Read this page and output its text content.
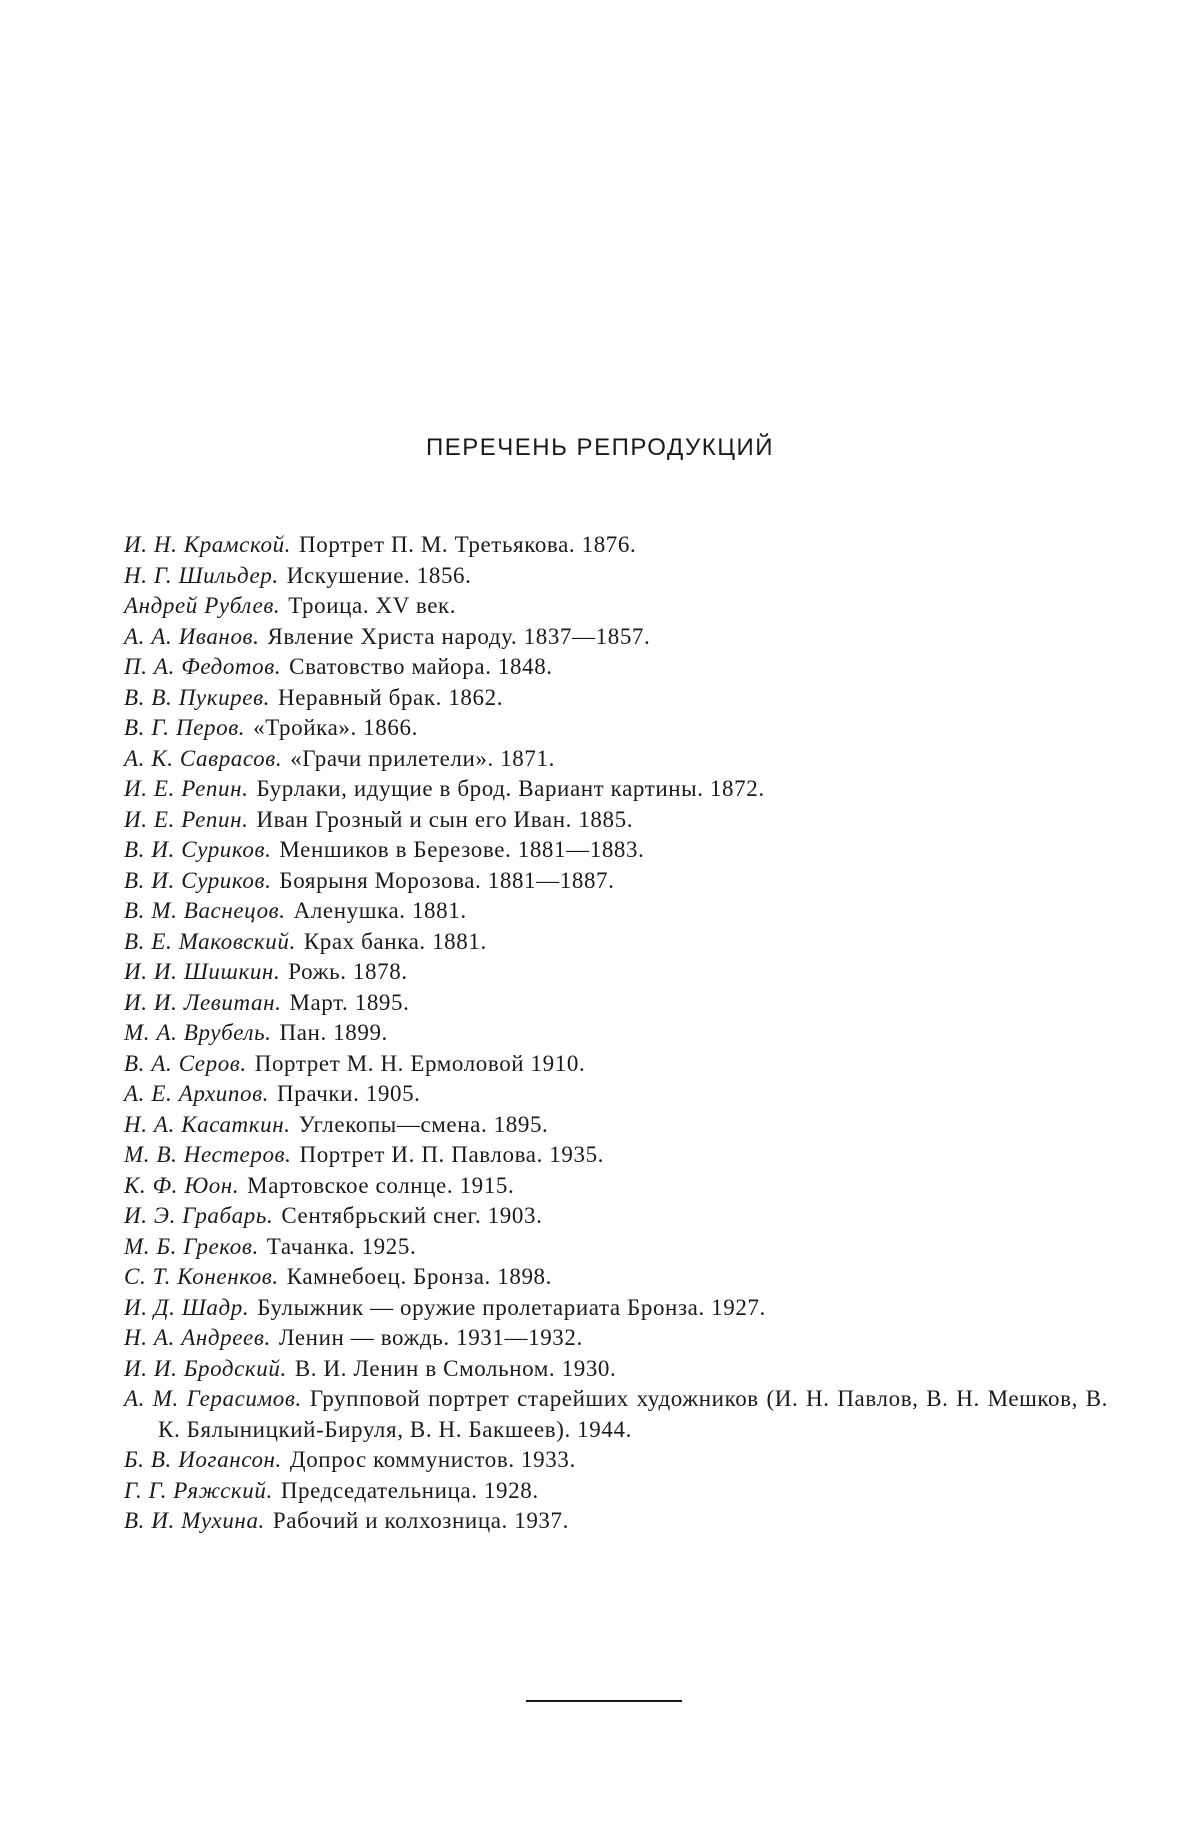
ПЕРЕЧЕНЬ РЕПРОДУКЦИЙ
И. Н. Крамской. Портрет П. М. Третьякова. 1876.
Н. Г. Шильдер. Искушение. 1856.
Андрей Рублев. Троица. XV век.
А. А. Иванов. Явление Христа народу. 1837—1857.
П. А. Федотов. Сватовство майора. 1848.
В. В. Пукирев. Неравный брак. 1862.
В. Г. Перов. «Тройка». 1866.
А. К. Саврасов. «Грачи прилетели». 1871.
И. Е. Репин. Бурлаки, идущие в брод. Вариант картины. 1872.
И. Е. Репин. Иван Грозный и сын его Иван. 1885.
В. И. Суриков. Меншиков в Березове. 1881—1883.
В. И. Суриков. Боярыня Морозова. 1881—1887.
В. М. Васнецов. Аленушка. 1881.
В. Е. Маковский. Крах банка. 1881.
И. И. Шишкин. Рожь. 1878.
И. И. Левитан. Март. 1895.
М. А. Врубель. Пан. 1899.
В. А. Серов. Портрет М. Н. Ермоловой 1910.
А. Е. Архипов. Прачки. 1905.
Н. А. Касаткин. Углекопы—смена. 1895.
М. В. Нестеров. Портрет И. П. Павлова. 1935.
К. Ф. Юон. Мартовское солнце. 1915.
И. Э. Грабарь. Сентябрьский снег. 1903.
М. Б. Греков. Тачанка. 1925.
С. Т. Коненков. Камнебоец. Бронза. 1898.
И. Д. Шадр. Булыжник — оружие пролетариата Бронза. 1927.
Н. А. Андреев. Ленин — вождь. 1931—1932.
И. И. Бродский. В. И. Ленин в Смольном. 1930.
А. М. Герасимов. Групповой портрет старейших художников (И. Н. Павлов, В. Н. Мешков, В. К. Бялыницкий-Бируля, В. Н. Бакшеев). 1944.
Б. В. Иогансон. Допрос коммунистов. 1933.
Г. Г. Ряжский. Председательница. 1928.
В. И. Мухина. Рабочий и колхозница. 1937.
